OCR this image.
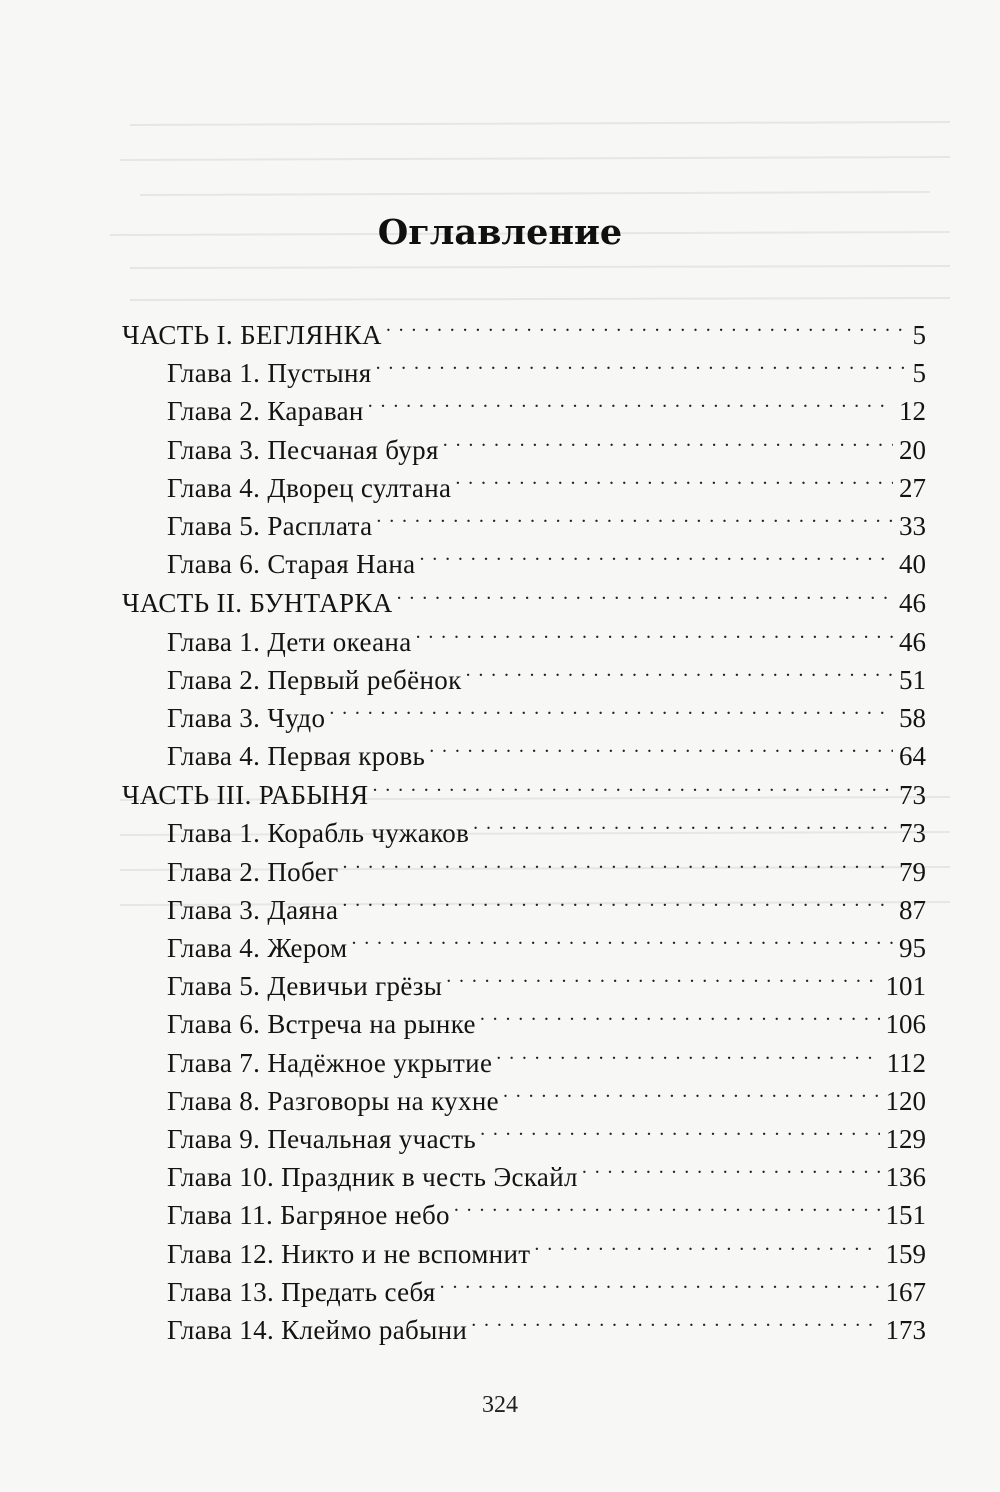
Оглавление
ЧАСТЬ I. БЕГЛЯНКА . . .	5
Глава 1. Пустыня . . .	5
Глава 2. Караван . . .	12
Глава 3. Песчаная буря . . .	20
Глава 4. Дворец султана . . .	27
Глава 5. Расплата . . .	33
Глава 6. Старая Нана . . .	40
ЧАСТЬ II. БУНТАРКА . . .	46
Глава 1. Дети океана . . .	46
Глава 2. Первый ребёнок . . .	51
Глава 3. Чудо . . .	58
Глава 4. Первая кровь . . .	64
ЧАСТЬ III. РАБЫНЯ . . .	73
Глава 1. Корабль чужаков . . .	73
Глава 2. Побег . . .	79
Глава 3. Даяна . . .	87
Глава 4. Жером . . .	95
Глава 5. Девичьи грёзы . . .	101
Глава 6. Встреча на рынке . . .	106
Глава 7. Надёжное укрытие . . .	112
Глава 8. Разговоры на кухне . . .	120
Глава 9. Печальная участь . . .	129
Глава 10. Праздник в честь Эскайл . . .	136
Глава 11. Багряное небо . . .	151
Глава 12. Никто и не вспомнит . . .	159
Глава 13. Предать себя . . .	167
Глава 14. Клеймо рабыни . . .	173
324
